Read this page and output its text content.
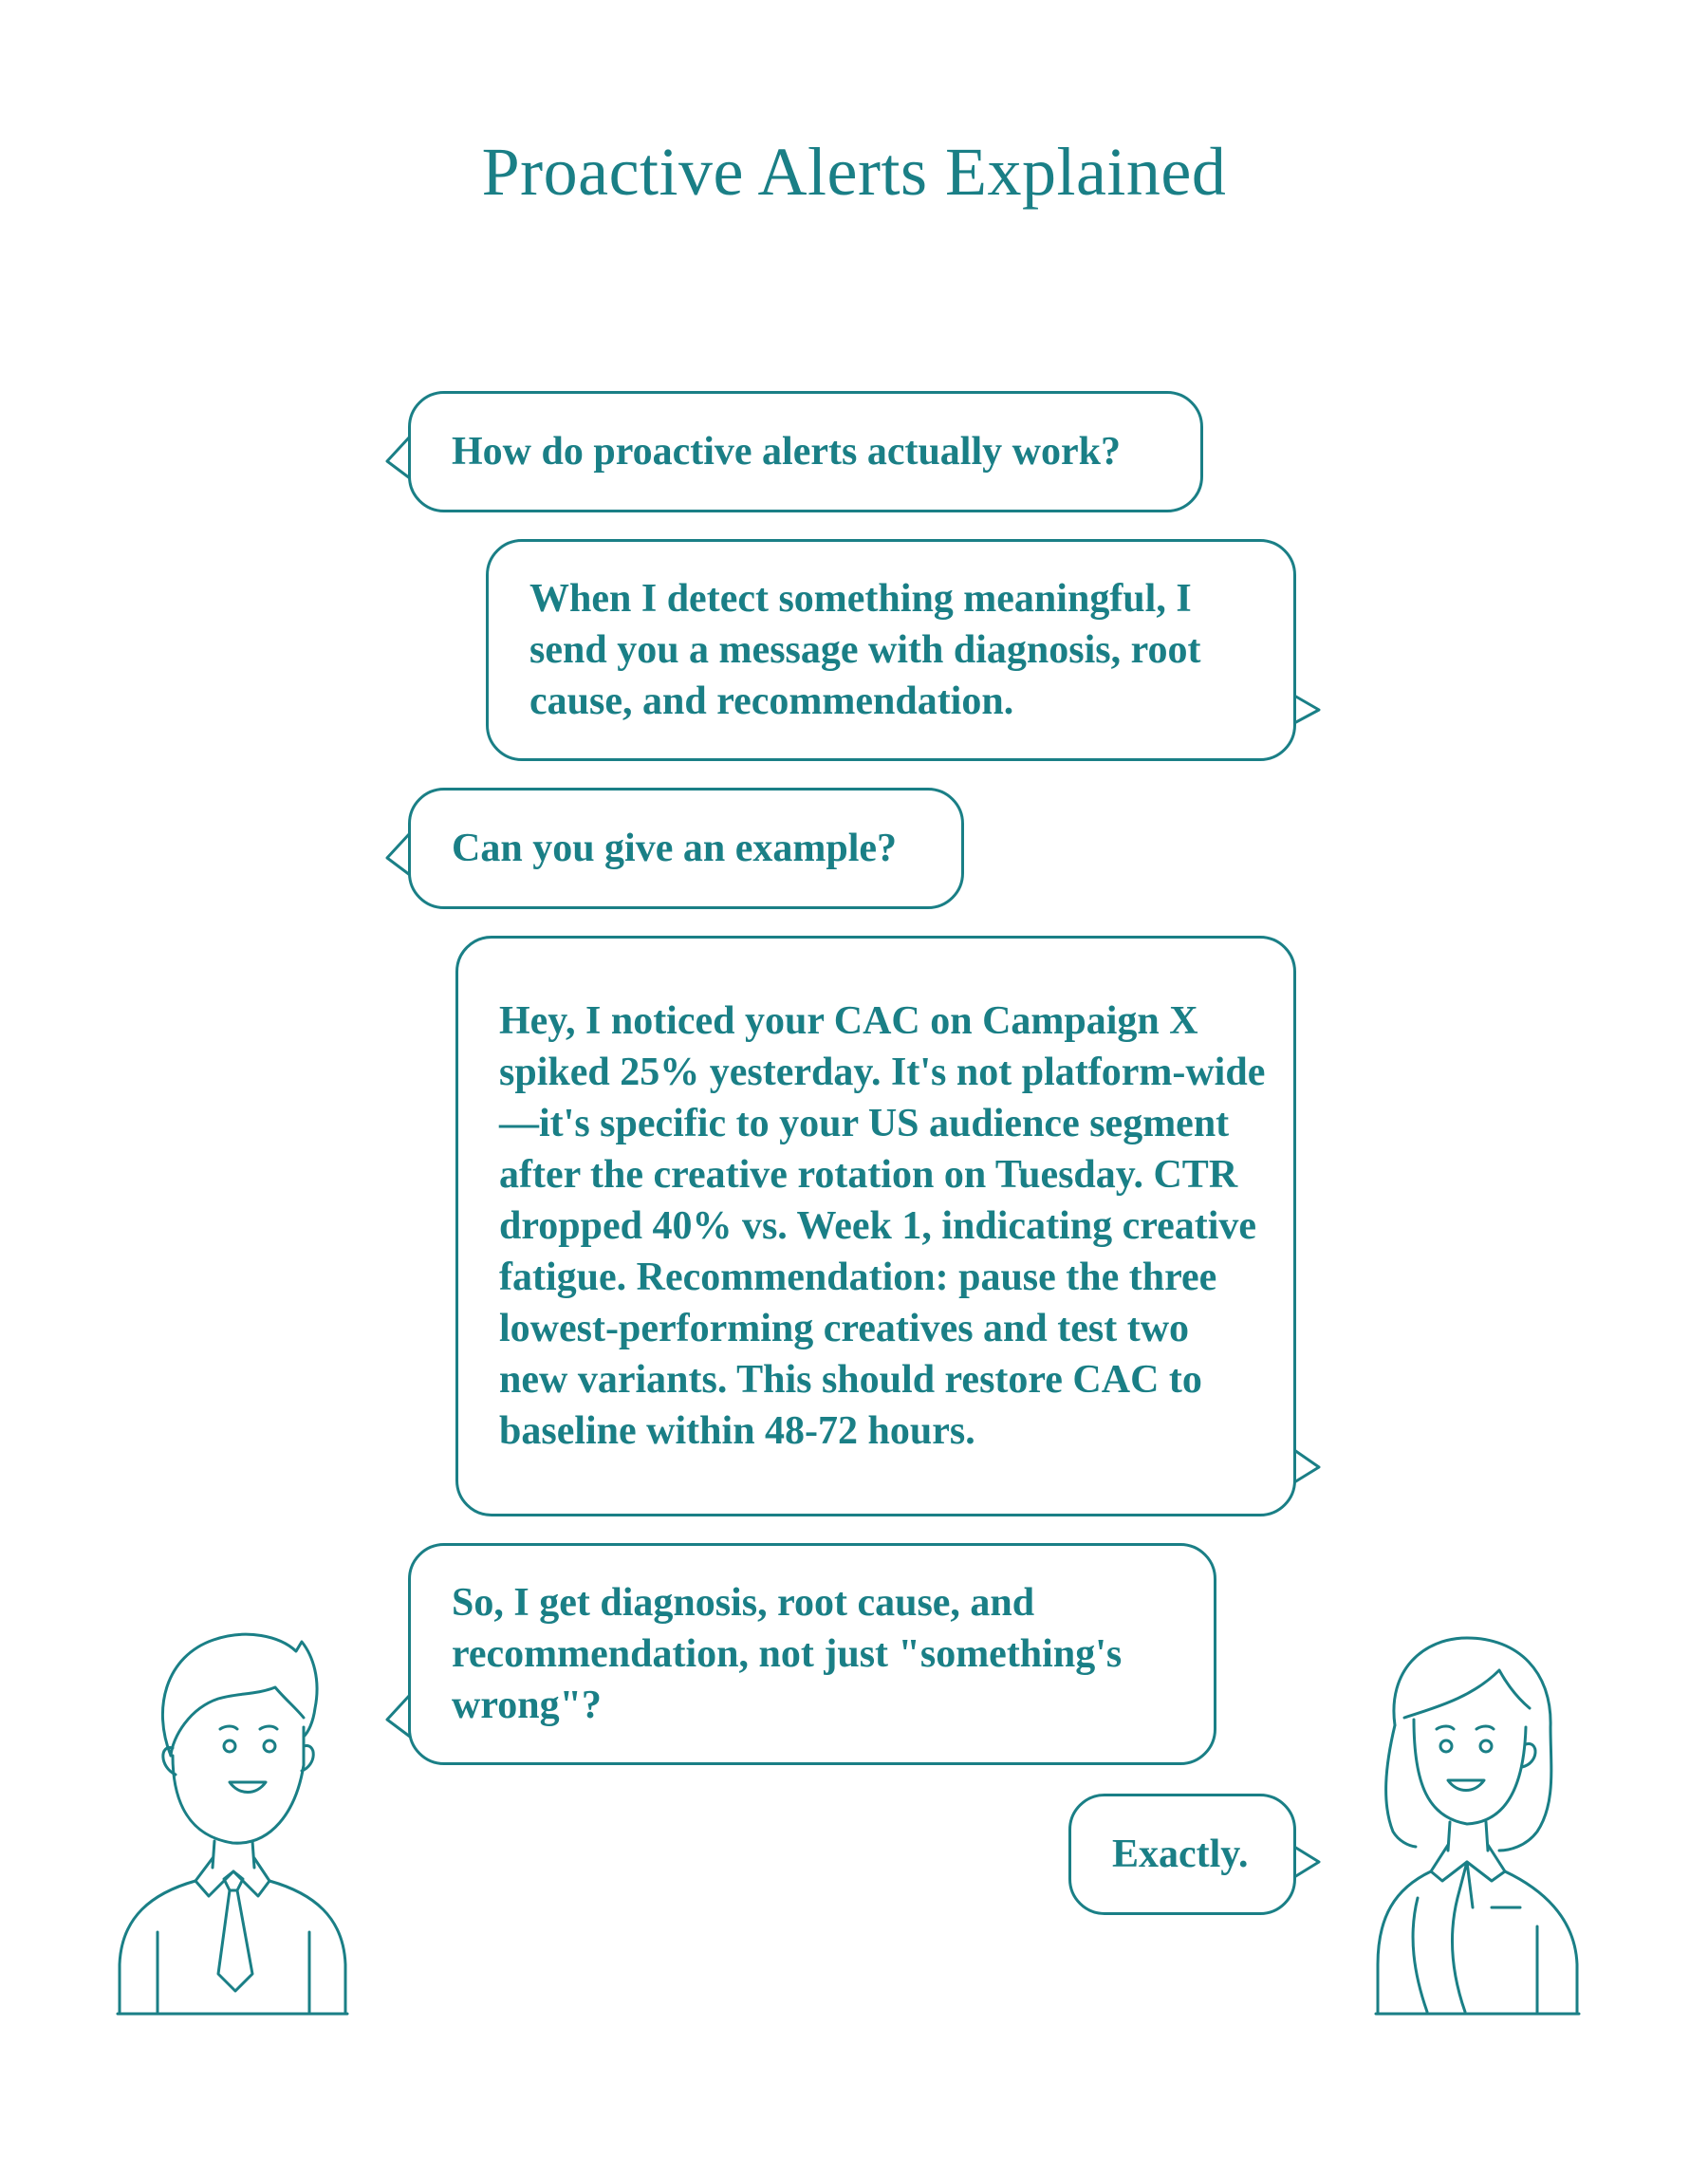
Proactive Alerts Explained
How do proactive alerts actually work?
When I detect something meaningful, I send you a message with diagnosis, root cause, and recommendation.
Can you give an example?
Hey, I noticed your CAC on Campaign X spiked 25% yesterday. It's not platform-wide—it's specific to your US audience segment after the creative rotation on Tuesday. CTR dropped 40% vs. Week 1, indicating creative fatigue. Recommendation: pause the three lowest-performing creatives and test two new variants. This should restore CAC to baseline within 48-72 hours.
So, I get diagnosis, root cause, and recommendation, not just "something's wrong"?
Exactly.
